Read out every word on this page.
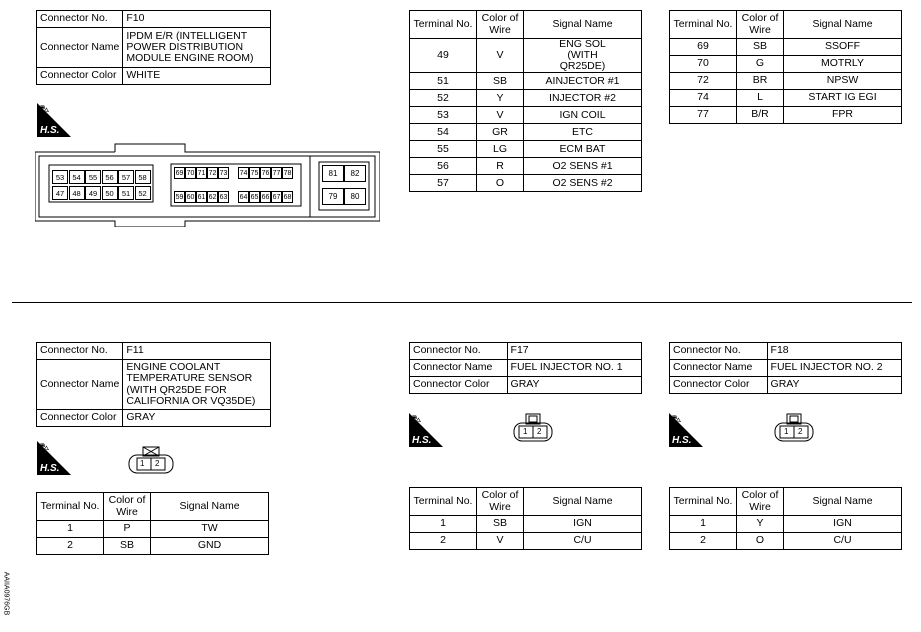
Connector No.	F10
Connector Name	IPDM E/R (INTELLIGENT POWER DISTRIBUTION MODULE ENGINE ROOM)
Connector Color	WHITE
⛍
H.S.
53	54	55	56	57	58
47	48	49	50	51	52
69 70 71 72 73 74 75 76 77 78
59 60 61 62 63 64 65 66 67 68
81	82
79	80
Terminal No.	Color of Wire	Signal Name
49	V	ENG SOL (WITH QR25DE)
51	SB	AINJECTOR #1
52	Y	INJECTOR #2
53	V	IGN COIL
54	GR	ETC
55	LG	ECM BAT
56	R	O2 SENS #1
57	O	O2 SENS #2
Terminal No.	Color of Wire	Signal Name
69	SB	SSOFF
70	G	MOTRLY
72	BR	NPSW
74	L	START IG EGI
77	B/R	FPR
Connector No.	F11
Connector Name	ENGINE COOLANT TEMPERATURE SENSOR (WITH QR25DE FOR CALIFORNIA OR VQ35DE)
Connector Color	GRAY
⛍
H.S.	1 2
Terminal No.	Color of Wire	Signal Name
1	P	TW
2	SB	GND
Connector No.	F17
Connector Name	FUEL INJECTOR NO. 1
Connector Color	GRAY
⛍
H.S.
1 2
Terminal No.	Color of Wire	Signal Name
1	SB	IGN
2	V	C/U
Connector No.	F18
Connector Name	FUEL INJECTOR NO. 2
Connector Color	GRAY
⛍
H.S.
1 2
Terminal No.	Color of Wire	Signal Name
1	Y	IGN
2	O	C/U
AAIIA0976GB
